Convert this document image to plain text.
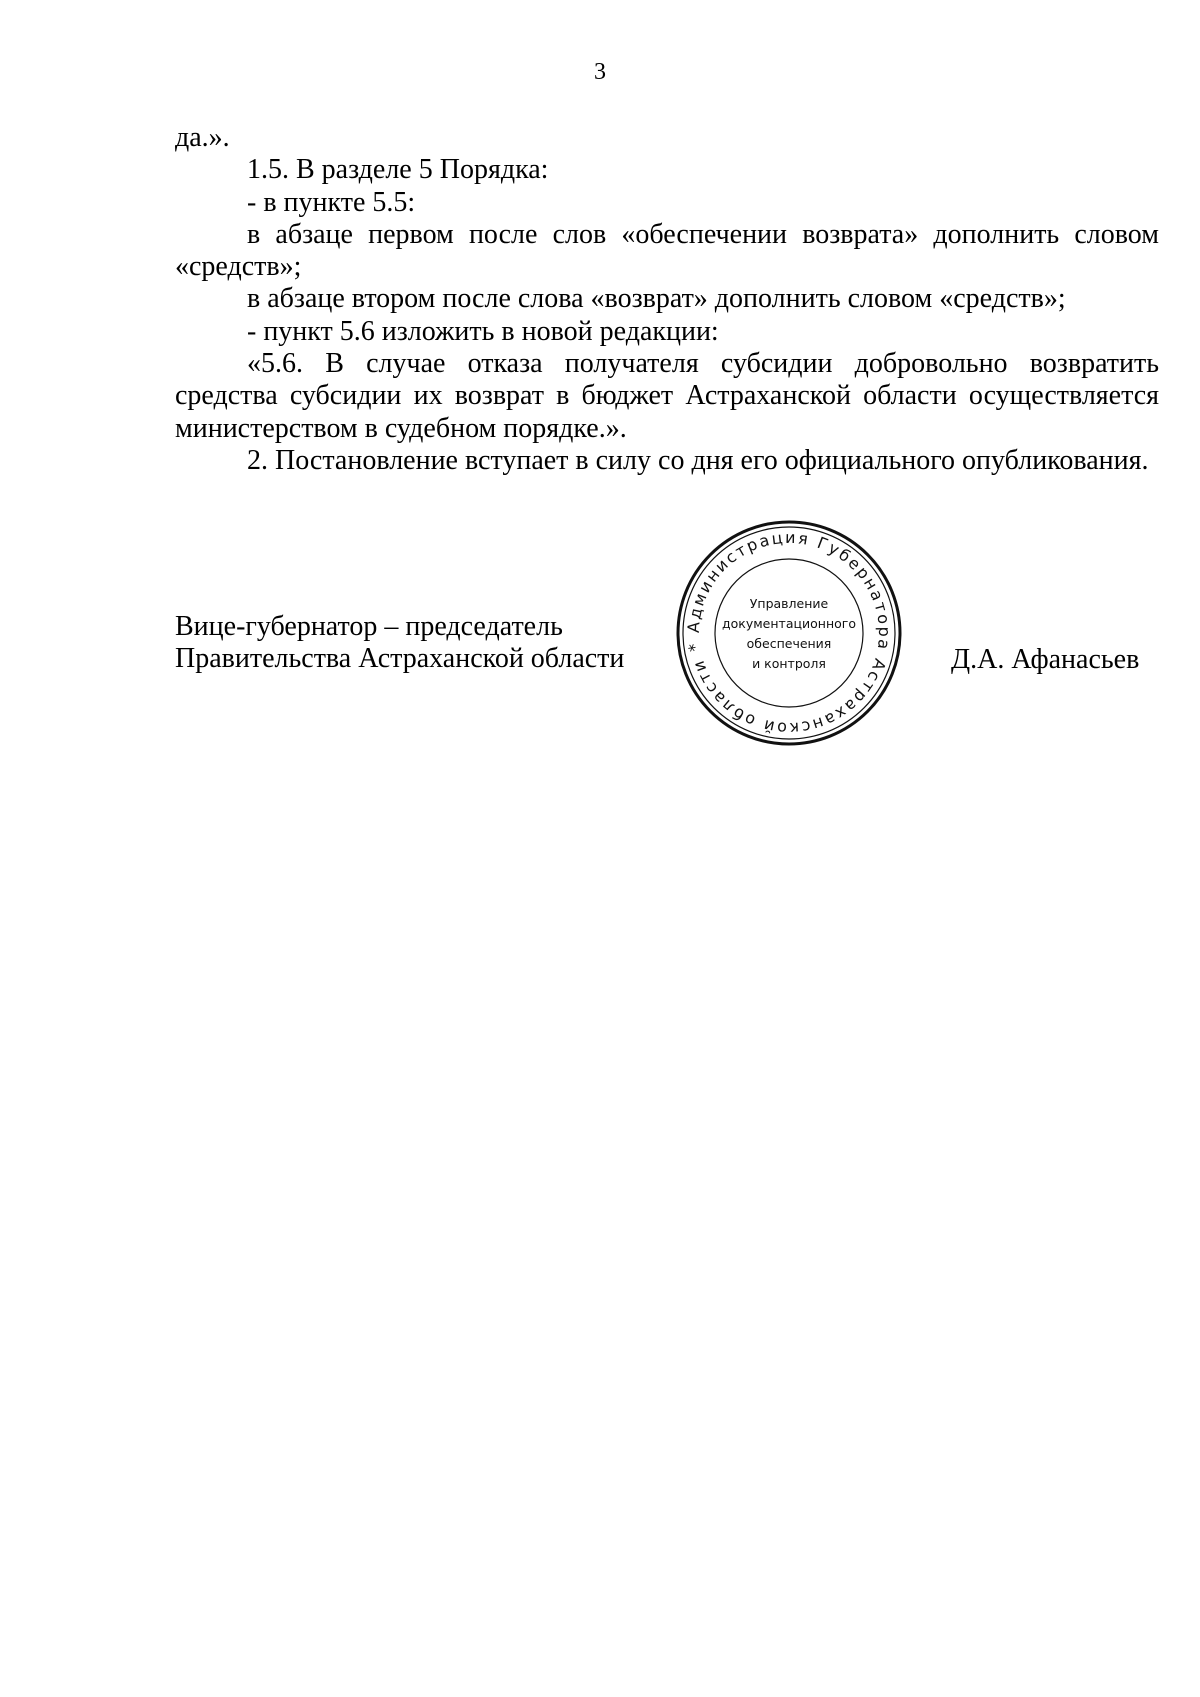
3

да.».

1.5. В разделе 5 Порядка:

- в пункте 5.5:

в абзаце первом после слов «обеспечении возврата» дополнить словом «средств»;

в абзаце втором после слова «возврат» дополнить словом «средств»;

- пункт 5.6 изложить в новой редакции:

«5.6. В случае отказа получателя субсидии добровольно возвратить средства субсидии их возврат в бюджет Астраханской области осуществляется министерством в судебном порядке.».

2. Постановление вступает в силу со дня его официального опубликования.

Вице-губернатор – председатель
Правительства Астраханской области	Д.А. Афанасьев
Администрация Губернатора Астраханской области *
Управление
документационного
обеспечения
и контроля
